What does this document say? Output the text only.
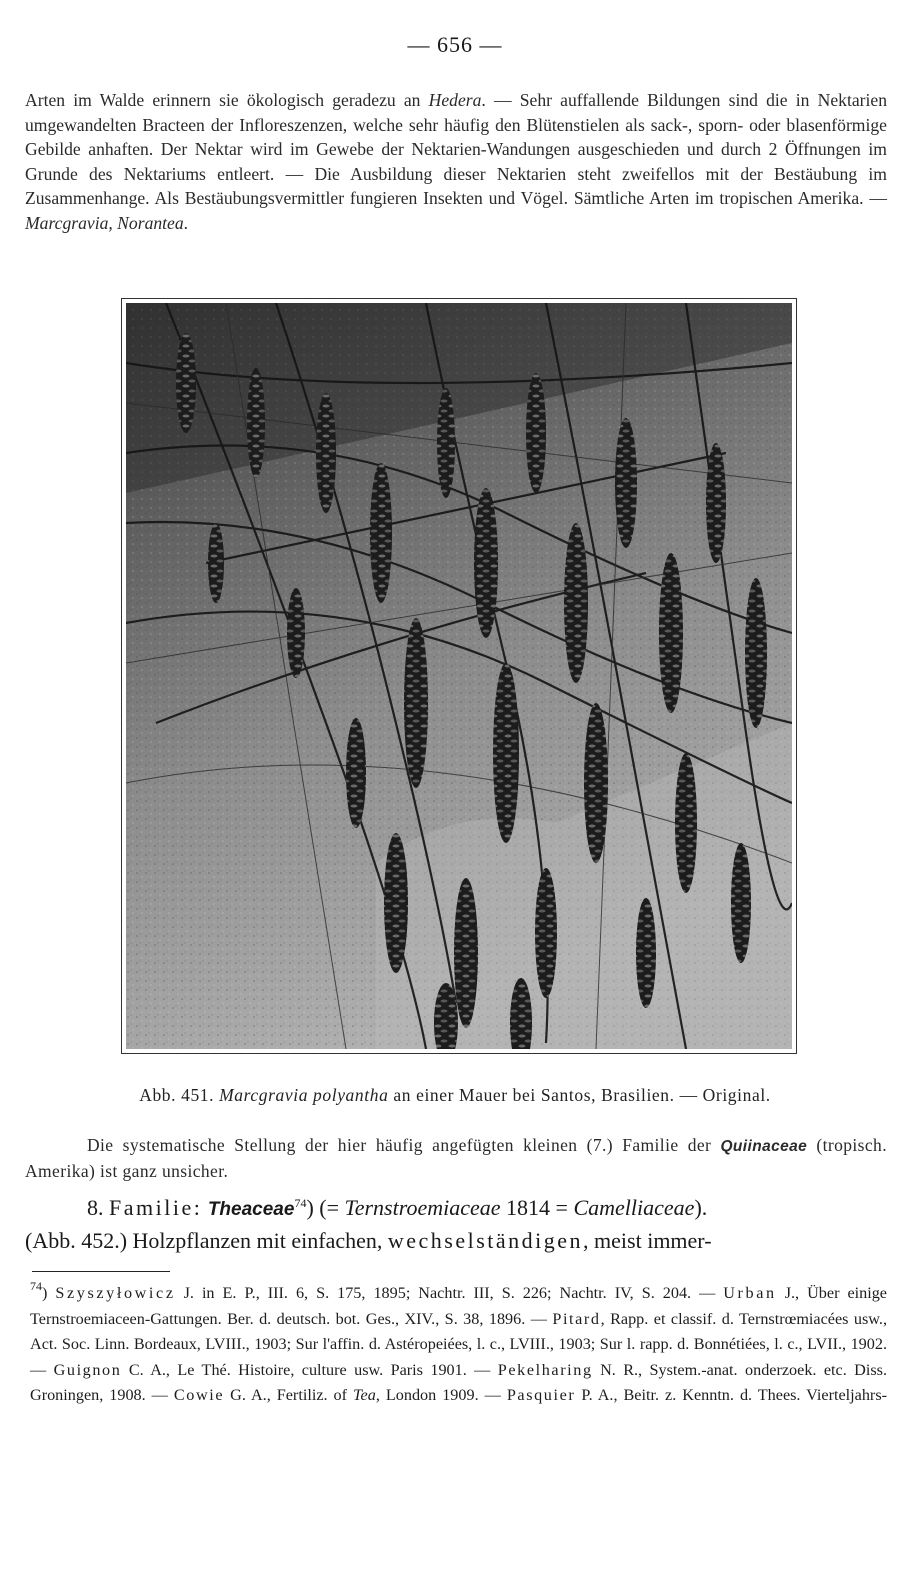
— 656 —
Arten im Walde erinnern sie ökologisch geradezu an Hedera. — Sehr auffallende Bildungen sind die in Nektarien umgewandelten Bracteen der Infloreszenzen, welche sehr häufig den Blütenstielen als sack-, sporn- oder blasenförmige Gebilde anhaften. Der Nektar wird im Gewebe der Nektarien-Wandungen ausgeschieden und durch 2 Öffnungen im Grunde des Nektariums entleert. — Die Ausbildung dieser Nektarien steht zweifellos mit der Bestäubung im Zusammenhange. Als Bestäubungsvermittler fungieren Insekten und Vögel. Sämtliche Arten im tropischen Amerika. — Marcgravia, Norantea.
Abb. 451. Marcgravia polyantha an einer Mauer bei Santos, Brasilien. — Original.
Die systematische Stellung der hier häufig angefügten kleinen (7.) Familie der Quiinaceae (tropisch. Amerika) ist ganz unsicher.
8. Familie: Theaceae$^{74}$) (= Ternstroemiaceae 1814 = Camelliaceae).
(Abb. 452.) Holzpflanzen mit einfachen, wechselständigen, meist immer-
$^{74}$) Szyszyłowicz J. in E. P., III. 6, S. 175, 1895; Nachtr. III, S. 226; Nachtr. IV, S. 204. — Urban J., Über einige Ternstroemiaceen-Gattungen. Ber. d. deutsch. bot. Ges., XIV., S. 38, 1896. — Pitard, Rapp. et classif. d. Ternstrœmiacées usw., Act. Soc. Linn. Bordeaux, LVIII., 1903; Sur l'affin. d. Astéropeiées, l. c., LVIII., 1903; Sur l. rapp. d. Bonnétiées, l. c., LVII., 1902. — Guignon C. A., Le Thé. Histoire, culture usw. Paris 1901. — Pekelharing N. R., System.-anat. onderzoek. etc. Diss. Groningen, 1908. — Cowie G. A., Fertiliz. of Tea, London 1909. — Pasquier P. A., Beitr. z. Kenntn. d. Thees. Vierteljahrs-
